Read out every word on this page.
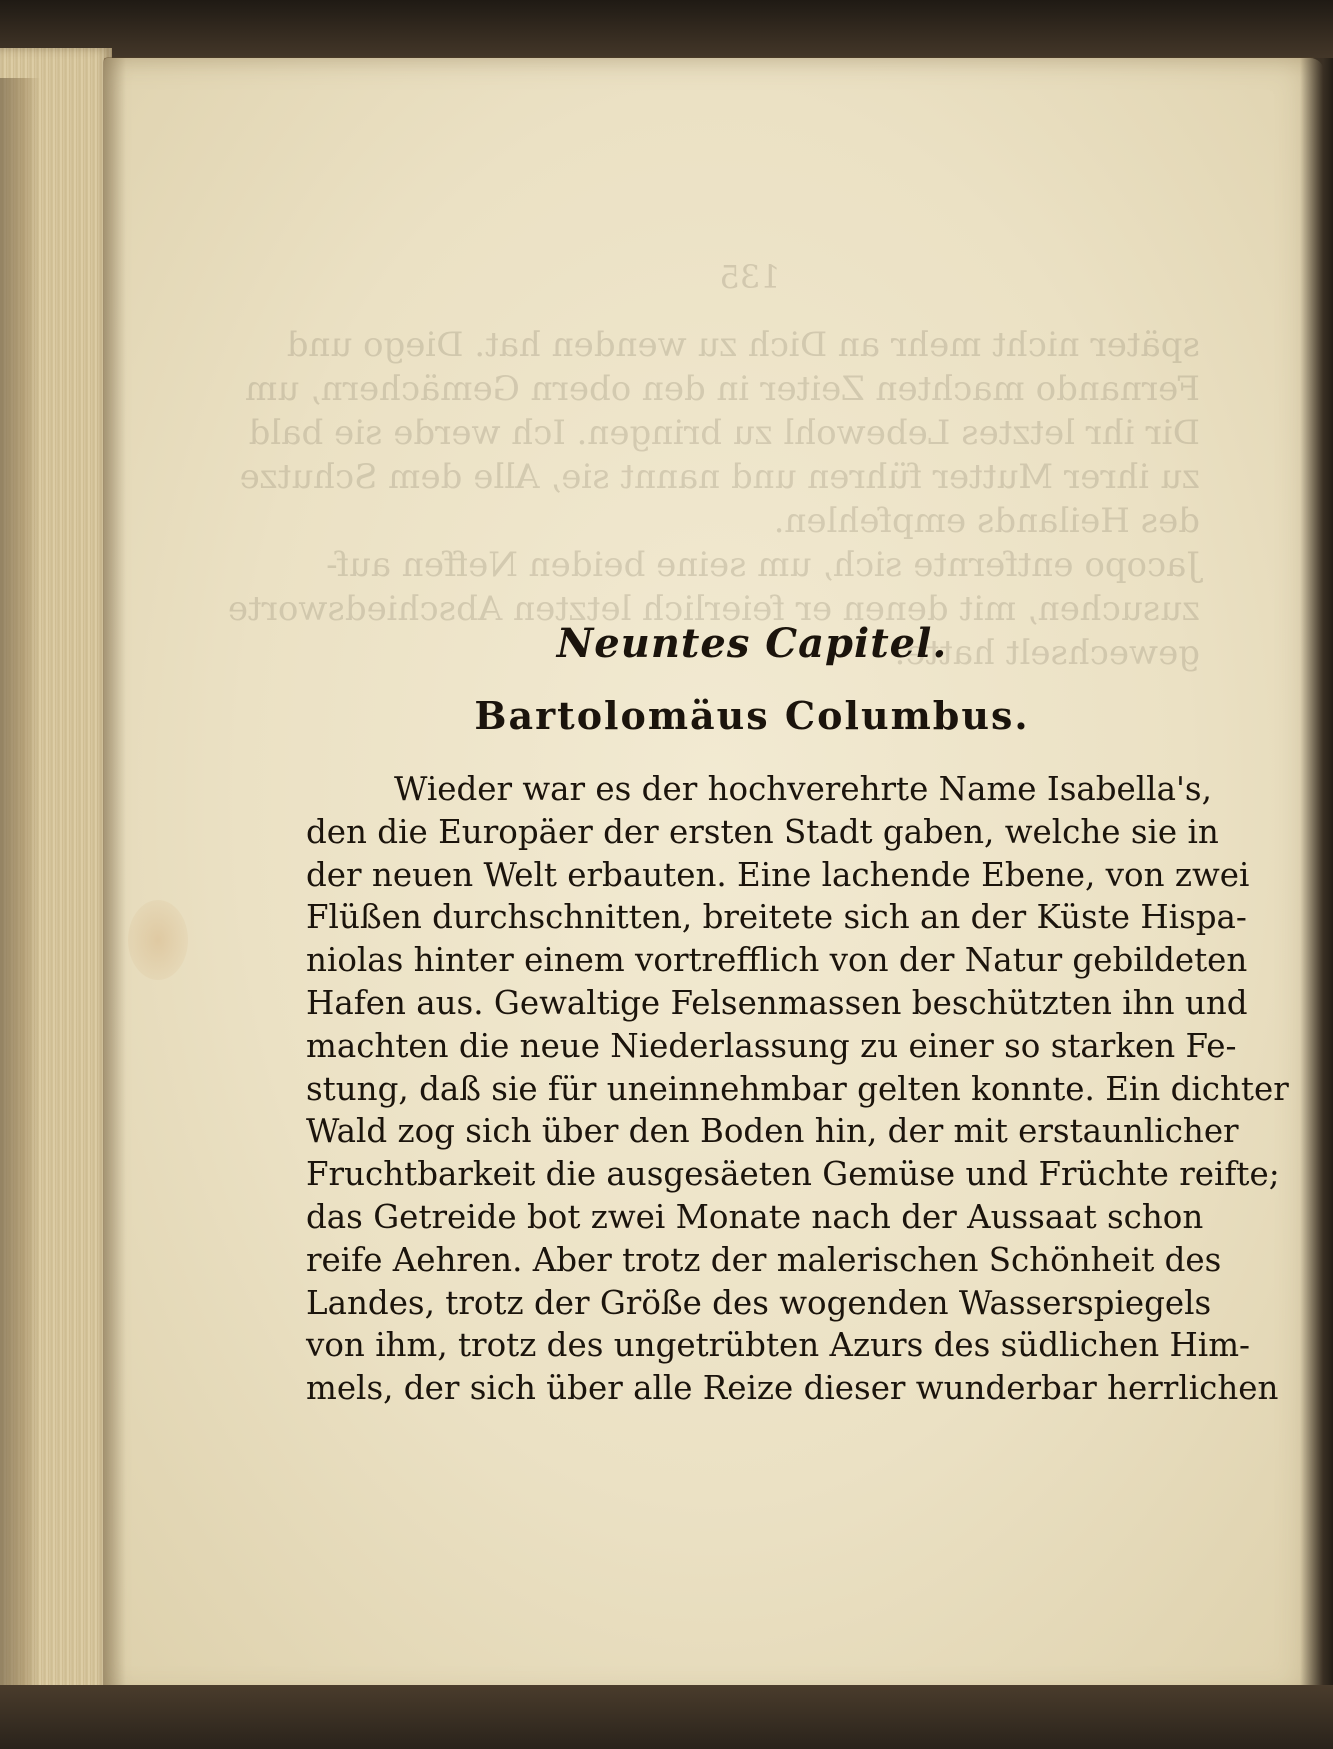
135
später nicht mehr an Dich zu wenden hat. Diego und
Fernando machten Zeiter in den obern Gemächern, um
Dir ihr letztes Lebewohl zu bringen. Ich werde sie bald
zu ihrer Mutter führen und nannt sie, Alle dem Schutze
des Heilands empfehlen.
Jacopo entfernte sich, um seine beiden Neffen auf-
zusuchen, mit denen er feierlich letzten Abschiedsworte
gewechselt hatte.
Neuntes Capitel.
Bartolomäus Columbus.
Wieder war es der hochverehrte Name Isabella's,
den die Europäer der ersten Stadt gaben, welche sie in
der neuen Welt erbauten. Eine lachende Ebene, von zwei
Flüßen durchschnitten, breitete sich an der Küste Hispa-
niolas hinter einem vortrefflich von der Natur gebildeten
Hafen aus. Gewaltige Felsenmassen beschützten ihn und
machten die neue Niederlassung zu einer so starken Fe-
stung, daß sie für uneinnehmbar gelten konnte. Ein dichter
Wald zog sich über den Boden hin, der mit erstaunlicher
Fruchtbarkeit die ausgesäeten Gemüse und Früchte reifte;
das Getreide bot zwei Monate nach der Aussaat schon
reife Aehren. Aber trotz der malerischen Schönheit des
Landes, trotz der Größe des wogenden Wasserspiegels
von ihm, trotz des ungetrübten Azurs des südlichen Him-
mels, der sich über alle Reize dieser wunderbar herrlichen
